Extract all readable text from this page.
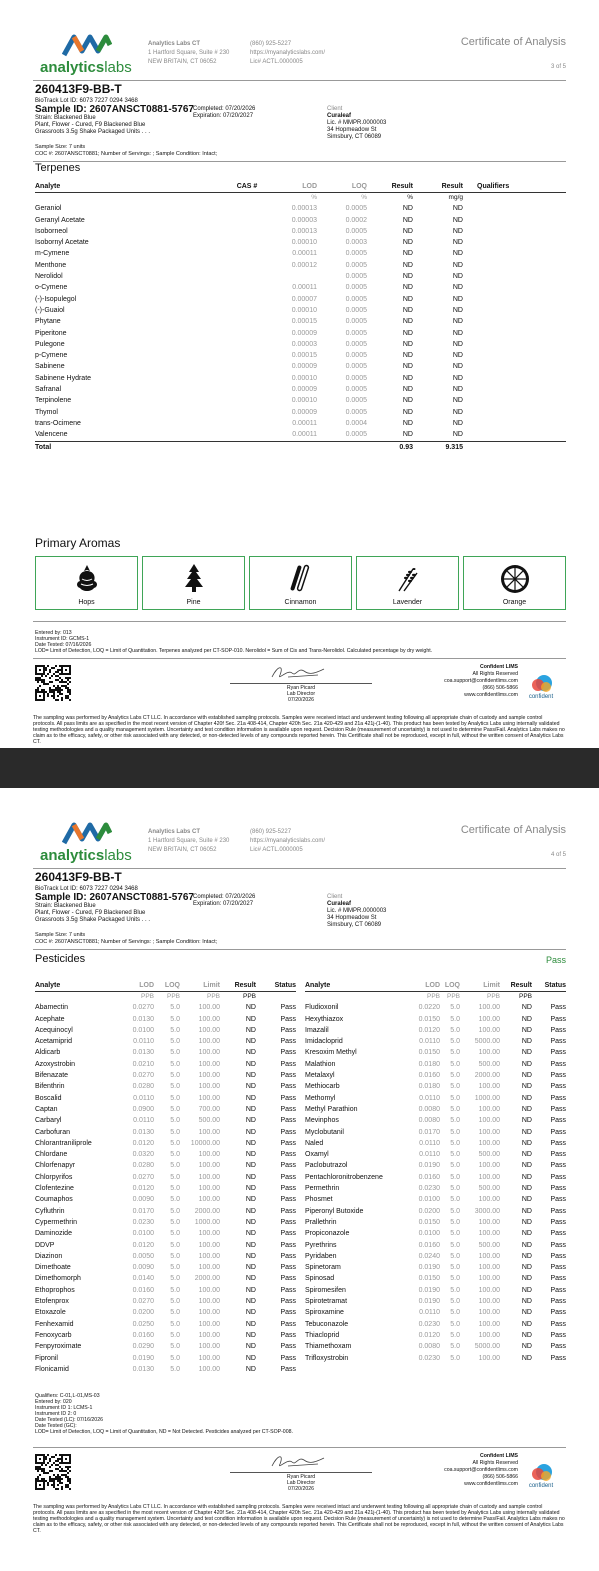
analyticslabs
Analytics Labs CT
1 Hartford Square, Suite # 230
NEW BRITAIN, CT 06052
(860) 925-5227
https://myanalyticslabs.com/
Lic# ACTL.0000005
Certificate of Analysis
3 of 5
260413F9-BB-T
BioTrack Lot ID: 6073 7227 0294 3468
Sample ID: 2607ANSCT0881-5767
Strain: Blackened Blue
Plant, Flower - Cured, F9 Blackened Blue
Grassroots 3.5g Shake Packaged Units . . .
Completed: 07/20/2026
Expiration: 07/20/2027
Client
Curaleaf
Lic. # MMPR.0000003
34 Hopmeadow St
Simsbury, CT 06089
Sample Size: 7 units
COC #: 2607ANSCT0881; Number of Servings: ; Sample Condition: Intact;
Terpenes
Analyte	CAS #	LOD	LOQ	Result	Result	Qualifiers
		%	%	%	mg/g	
Geraniol		0.00013	0.0005	ND	ND	
Geranyl Acetate		0.00003	0.0002	ND	ND	
Isoborneol		0.00013	0.0005	ND	ND	
Isobornyl Acetate		0.00010	0.0003	ND	ND	
m-Cymene		0.00011	0.0005	ND	ND	
Menthone		0.00012	0.0005	ND	ND	
Nerolidol			0.0005	ND	ND	
o-Cymene		0.00011	0.0005	ND	ND	
(-)-Isopulegol		0.00007	0.0005	ND	ND	
(-)-Guaiol		0.00010	0.0005	ND	ND	
Phytane		0.00015	0.0005	ND	ND	
Piperitone		0.00009	0.0005	ND	ND	
Pulegone		0.00003	0.0005	ND	ND	
p-Cymene		0.00015	0.0005	ND	ND	
Sabinene		0.00009	0.0005	ND	ND	
Sabinene Hydrate		0.00010	0.0005	ND	ND	
Safranal		0.00009	0.0005	ND	ND	
Terpinolene		0.00010	0.0005	ND	ND	
Thymol		0.00009	0.0005	ND	ND	
trans-Ocimene		0.00011	0.0004	ND	ND	
Valencene		0.00011	0.0005	ND	ND	
Total				0.93	9.315	
Primary Aromas
Hops	Pine	Cinnamon	Lavender	Orange
Entered by: 013
Instrument ID: GCMS-1
Date Tested: 07/16/2026
LOD= Limit of Detection, LOQ = Limit of Quantitation. Terpenes analyzed per CT-SOP-010. Nerolidol = Sum of Cis and Trans-Nerolidol. Calculated percentage by dry weight.
Ryan Picard
Lab Director
07/20/2026
Confident LIMS
All Rights Reserved
coa.support@confidentlims.com
(866) 506-5866
www.confidentlims.com	confident
The sampling was performed by Analytics Labs CT LLC. In accordance with established sampling protocols. Samples were received intact and underwent testing following all appropriate chain of custody and sample control protocols. All pass limits are as specified in the most recent version of Chapter 420f Sec. 21a 408-414, Chapter 420h Sec. 21a 420-429 and 21a 421j-(1-40). This product has been tested by Analytics Labs using internally validated testing methodologies and a quality management system. Uncertainty and test condition information is available upon request. Decision Rule (measurement of uncertainty) is not used to determine Pass/Fail. Analytics Labs makes no claim as to the efficacy, safety, or other risk associated with any detected, or non-detected levels of any compounds reported herein. This Certificate shall not be reproduced, except in full, without the written consent of Analytics Labs CT.
analyticslabs
Analytics Labs CT
1 Hartford Square, Suite # 230
NEW BRITAIN, CT 06052
(860) 925-5227
https://myanalyticslabs.com/
Lic# ACTL.0000005
Certificate of Analysis
4 of 5
260413F9-BB-T
BioTrack Lot ID: 6073 7227 0294 3468
Sample ID: 2607ANSCT0881-5767
Strain: Blackened Blue
Plant, Flower - Cured, F9 Blackened Blue
Grassroots 3.5g Shake Packaged Units . . .
Completed: 07/20/2026
Expiration: 07/20/2027
Client
Curaleaf
Lic. # MMPR.0000003
34 Hopmeadow St
Simsbury, CT 06089
Sample Size: 7 units
COC #: 2607ANSCT0881; Number of Servings: ; Sample Condition: Intact;
Pesticides	Pass
Analyte	LOD	LOQ	Limit	Result	Status
	PPB	PPB	PPB	PPB	
Abamectin	0.0270	5.0	100.00	ND	Pass
Acephate	0.0130	5.0	100.00	ND	Pass
Acequinocyl	0.0100	5.0	100.00	ND	Pass
Acetamiprid	0.0110	5.0	100.00	ND	Pass
Aldicarb	0.0130	5.0	100.00	ND	Pass
Azoxystrobin	0.0210	5.0	100.00	ND	Pass
Bifenazate	0.0270	5.0	100.00	ND	Pass
Bifenthrin	0.0280	5.0	100.00	ND	Pass
Boscalid	0.0110	5.0	100.00	ND	Pass
Captan	0.0900	5.0	700.00	ND	Pass
Carbaryl	0.0110	5.0	500.00	ND	Pass
Carbofuran	0.0130	5.0	100.00	ND	Pass
Chlorantraniliprole	0.0120	5.0	10000.00	ND	Pass
Chlordane	0.0320	5.0	100.00	ND	Pass
Chlorfenapyr	0.0280	5.0	100.00	ND	Pass
Chlorpyrifos	0.0270	5.0	100.00	ND	Pass
Clofentezine	0.0120	5.0	100.00	ND	Pass
Coumaphos	0.0090	5.0	100.00	ND	Pass
Cyfluthrin	0.0170	5.0	2000.00	ND	Pass
Cypermethrin	0.0230	5.0	1000.00	ND	Pass
Daminozide	0.0100	5.0	100.00	ND	Pass
DDVP	0.0120	5.0	100.00	ND	Pass
Diazinon	0.0050	5.0	100.00	ND	Pass
Dimethoate	0.0090	5.0	100.00	ND	Pass
Dimethomorph	0.0140	5.0	2000.00	ND	Pass
Ethoprophos	0.0160	5.0	100.00	ND	Pass
Etofenprox	0.0270	5.0	100.00	ND	Pass
Etoxazole	0.0200	5.0	100.00	ND	Pass
Fenhexamid	0.0250	5.0	100.00	ND	Pass
Fenoxycarb	0.0160	5.0	100.00	ND	Pass
Fenpyroximate	0.0290	5.0	100.00	ND	Pass
Fipronil	0.0190	5.0	100.00	ND	Pass
Flonicamid	0.0130	5.0	100.00	ND	Pass
Analyte	LOD	LOQ	Limit	Result	Status
	PPB	PPB	PPB	PPB	
Fludioxonil	0.0220	5.0	100.00	ND	Pass
Hexythiazox	0.0150	5.0	100.00	ND	Pass
Imazalil	0.0120	5.0	100.00	ND	Pass
Imidacloprid	0.0110	5.0	5000.00	ND	Pass
Kresoxim Methyl	0.0150	5.0	100.00	ND	Pass
Malathion	0.0180	5.0	500.00	ND	Pass
Metalaxyl	0.0160	5.0	2000.00	ND	Pass
Methiocarb	0.0180	5.0	100.00	ND	Pass
Methomyl	0.0110	5.0	1000.00	ND	Pass
Methyl Parathion	0.0080	5.0	100.00	ND	Pass
Mevinphos	0.0080	5.0	100.00	ND	Pass
Myclobutanil	0.0170	5.0	100.00	ND	Pass
Naled	0.0110	5.0	100.00	ND	Pass
Oxamyl	0.0110	5.0	500.00	ND	Pass
Paclobutrazol	0.0190	5.0	100.00	ND	Pass
Pentachloronitrobenzene	0.0160	5.0	100.00	ND	Pass
Permethrin	0.0230	5.0	500.00	ND	Pass
Phosmet	0.0100	5.0	100.00	ND	Pass
Piperonyl Butoxide	0.0200	5.0	3000.00	ND	Pass
Prallethrin	0.0150	5.0	100.00	ND	Pass
Propiconazole	0.0100	5.0	100.00	ND	Pass
Pyrethrins	0.0160	5.0	500.00	ND	Pass
Pyridaben	0.0240	5.0	100.00	ND	Pass
Spinetoram	0.0190	5.0	100.00	ND	Pass
Spinosad	0.0150	5.0	100.00	ND	Pass
Spiromesifen	0.0190	5.0	100.00	ND	Pass
Spirotetramat	0.0190	5.0	100.00	ND	Pass
Spiroxamine	0.0110	5.0	100.00	ND	Pass
Tebuconazole	0.0230	5.0	100.00	ND	Pass
Thiacloprid	0.0120	5.0	100.00	ND	Pass
Thiamethoxam	0.0080	5.0	5000.00	ND	Pass
Trifloxystrobin	0.0230	5.0	100.00	ND	Pass
Qualifiers: C-01,L-01,MS-03
Entered by: 020
Instrument ID 1: LCMS-1
Instrument ID 2: 0
Date Tested (LC): 07/16/2026
Date Tested (GC):
LOD= Limit of Detection, LOQ = Limit of Quantitation, ND = Not Detected. Pesticides analyzed per CT-SOP-008.
Ryan Picard
Lab Director
07/20/2026
Confident LIMS
All Rights Reserved
coa.support@confidentlims.com
(866) 506-5866
www.confidentlims.com	confident
The sampling was performed by Analytics Labs CT LLC. In accordance with established sampling protocols. Samples were received intact and underwent testing following all appropriate chain of custody and sample control protocols. All pass limits are as specified in the most recent version of Chapter 420f Sec. 21a 408-414, Chapter 420h Sec. 21a 420-429 and 21a 421j-(1-40). This product has been tested by Analytics Labs using internally validated testing methodologies and a quality management system. Uncertainty and test condition information is available upon request. Decision Rule (measurement of uncertainty) is not used to determine Pass/Fail. Analytics Labs makes no claim as to the efficacy, safety, or other risk associated with any detected, or non-detected levels of any compounds reported herein. This Certificate shall not be reproduced, except in full, without the written consent of Analytics Labs CT.
